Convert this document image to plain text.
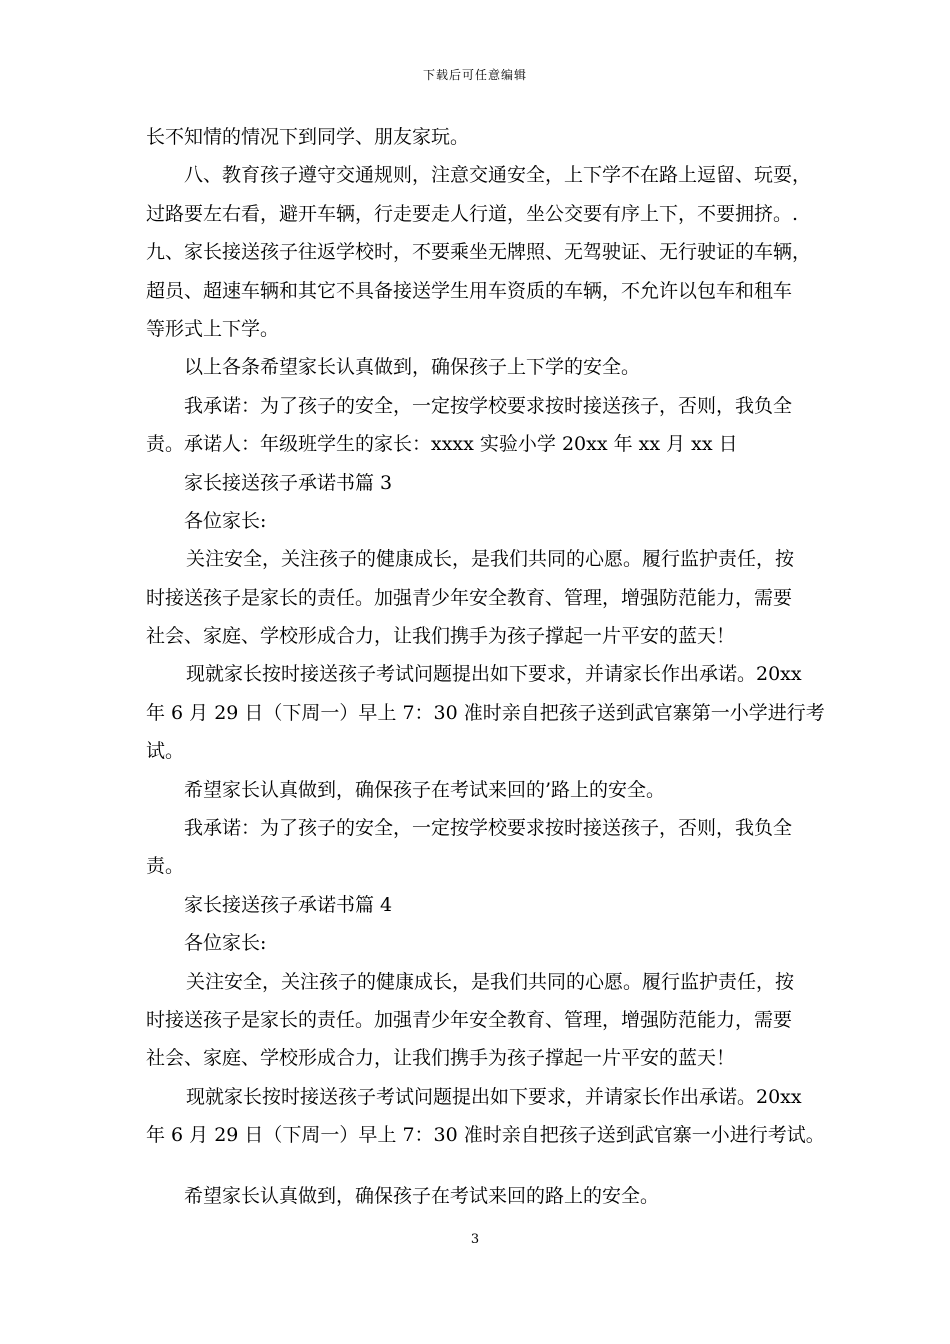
下载后可任意编辑
长不知情的情况下到同学、朋友家玩。
八、教育孩子遵守交通规则，注意交通安全，上下学不在路上逗留、玩耍，
过路要左右看，避开车辆，行走要走人行道，坐公交要有序上下，不要拥挤。.
九、家长接送孩子往返学校时，不要乘坐无牌照、无驾驶证、无行驶证的车辆，
超员、超速车辆和其它不具备接送学生用车资质的车辆，不允许以包车和租车
等形式上下学。
以上各条希望家长认真做到，确保孩子上下学的安全。
我承诺：为了孩子的安全，一定按学校要求按时接送孩子，否则，我负全
责。承诺人：年级班学生的家长：xxxx 实验小学 20xx 年 xx 月 xx 日
家长接送孩子承诺书篇 3
各位家长:
关注安全，关注孩子的健康成长，是我们共同的心愿。履行监护责任，按
时接送孩子是家长的责任。加强青少年安全教育、管理，增强防范能力，需要
社会、家庭、学校形成合力，让我们携手为孩子撑起一片平安的蓝天！
现就家长按时接送孩子考试问题提出如下要求，并请家长作出承诺。20xx
年 6 月 29 日（下周一）早上 7：30 准时亲自把孩子送到武官寨第一小学进行考
试。
希望家长认真做到，确保孩子在考试来回的’路上的安全。
我承诺：为了孩子的安全，一定按学校要求按时接送孩子，否则，我负全
责。
家长接送孩子承诺书篇 4
各位家长:
关注安全，关注孩子的健康成长，是我们共同的心愿。履行监护责任，按
时接送孩子是家长的责任。加强青少年安全教育、管理，增强防范能力，需要
社会、家庭、学校形成合力，让我们携手为孩子撑起一片平安的蓝天！
现就家长按时接送孩子考试问题提出如下要求，并请家长作出承诺。20xx
年 6 月 29 日（下周一）早上 7：30 准时亲自把孩子送到武官寨一小进行考试。
希望家长认真做到，确保孩子在考试来回的路上的安全。
3
